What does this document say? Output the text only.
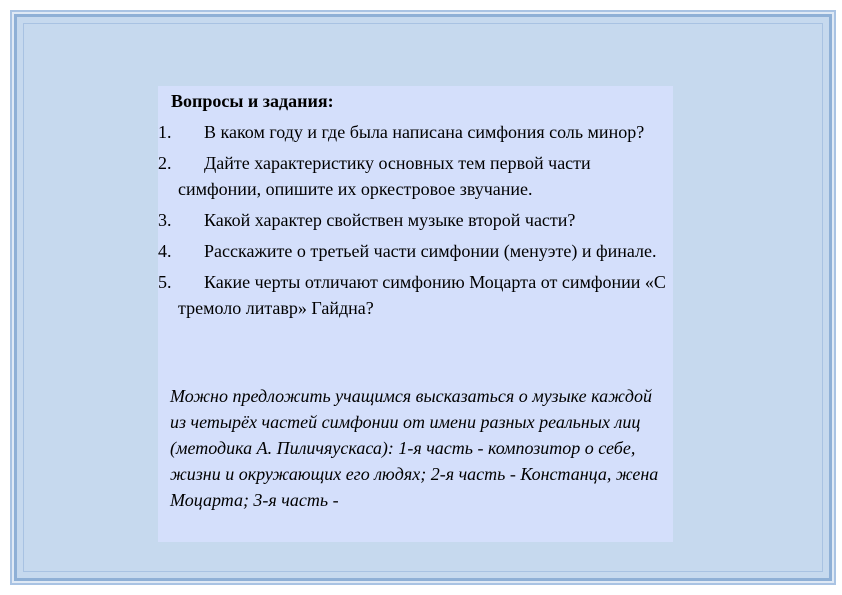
Вопросы и задания:

1.	В каком году и где была написана симфония соль минор?
2.	Дайте характеристику основных тем первой части симфонии, опишите их оркестровое звучание.
3.	Какой характер свойствен музыке второй части?
4.	Расскажите о третьей части симфонии (менуэте) и финале.
5.	Какие черты отличают симфонию Моцарта от симфонии «С тремоло литавр» Гайдна?

Можно предложить учащимся высказаться о музыке каждой из четырёх частей симфонии от имени разных реальных лиц (методика А. Пиличяускаса): 1-я часть - композитор о себе, жизни и окружающих его людях; 2-я часть - Констанца, жена Моцарта; 3-я часть -
